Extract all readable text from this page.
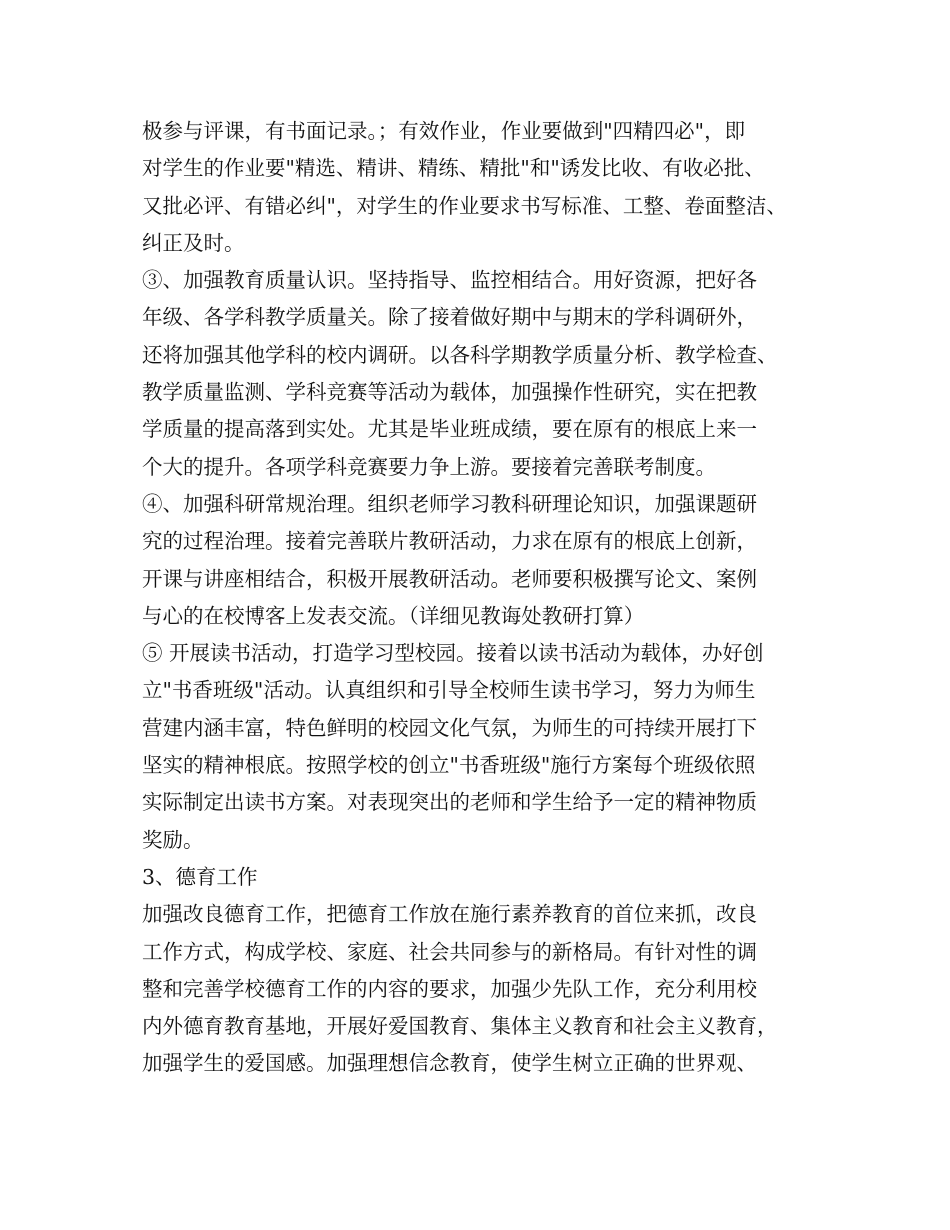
极参与评课，有书面记录。；有效作业，作业要做到"四精四必"，即
对学生的作业要"精选、精讲、精练、精批"和"诱发比收、有收必批、
又批必评、有错必纠"，对学生的作业要求书写标准、工整、卷面整洁、
纠正及时。
③、加强教育质量认识。坚持指导、监控相结合。用好资源，把好各
年级、各学科教学质量关。除了接着做好期中与期末的学科调研外，
还将加强其他学科的校内调研。以各科学期教学质量分析、教学检查、
教学质量监测、学科竞赛等活动为载体，加强操作性研究，实在把教
学质量的提高落到实处。尤其是毕业班成绩，要在原有的根底上来一
个大的提升。各项学科竞赛要力争上游。要接着完善联考制度。
④、加强科研常规治理。组织老师学习教科研理论知识，加强课题研
究的过程治理。接着完善联片教研活动，力求在原有的根底上创新，
开课与讲座相结合，积极开展教研活动。老师要积极撰写论文、案例
与心的在校博客上发表交流。（详细见教诲处教研打算）
⑤ 开展读书活动，打造学习型校园。接着以读书活动为载体，办好创
立"书香班级"活动。认真组织和引导全校师生读书学习，努力为师生
营建内涵丰富，特色鲜明的校园文化气氛，为师生的可持续开展打下
坚实的精神根底。按照学校的创立"书香班级"施行方案每个班级依照
实际制定出读书方案。对表现突出的老师和学生给予一定的精神物质
奖励。
3、德育工作
加强改良德育工作，把德育工作放在施行素养教育的首位来抓，改良
工作方式，构成学校、家庭、社会共同参与的新格局。有针对性的调
整和完善学校德育工作的内容的要求，加强少先队工作，充分利用校
内外德育教育基地，开展好爱国教育、集体主义教育和社会主义教育，
加强学生的爱国感。加强理想信念教育，使学生树立正确的世界观、
